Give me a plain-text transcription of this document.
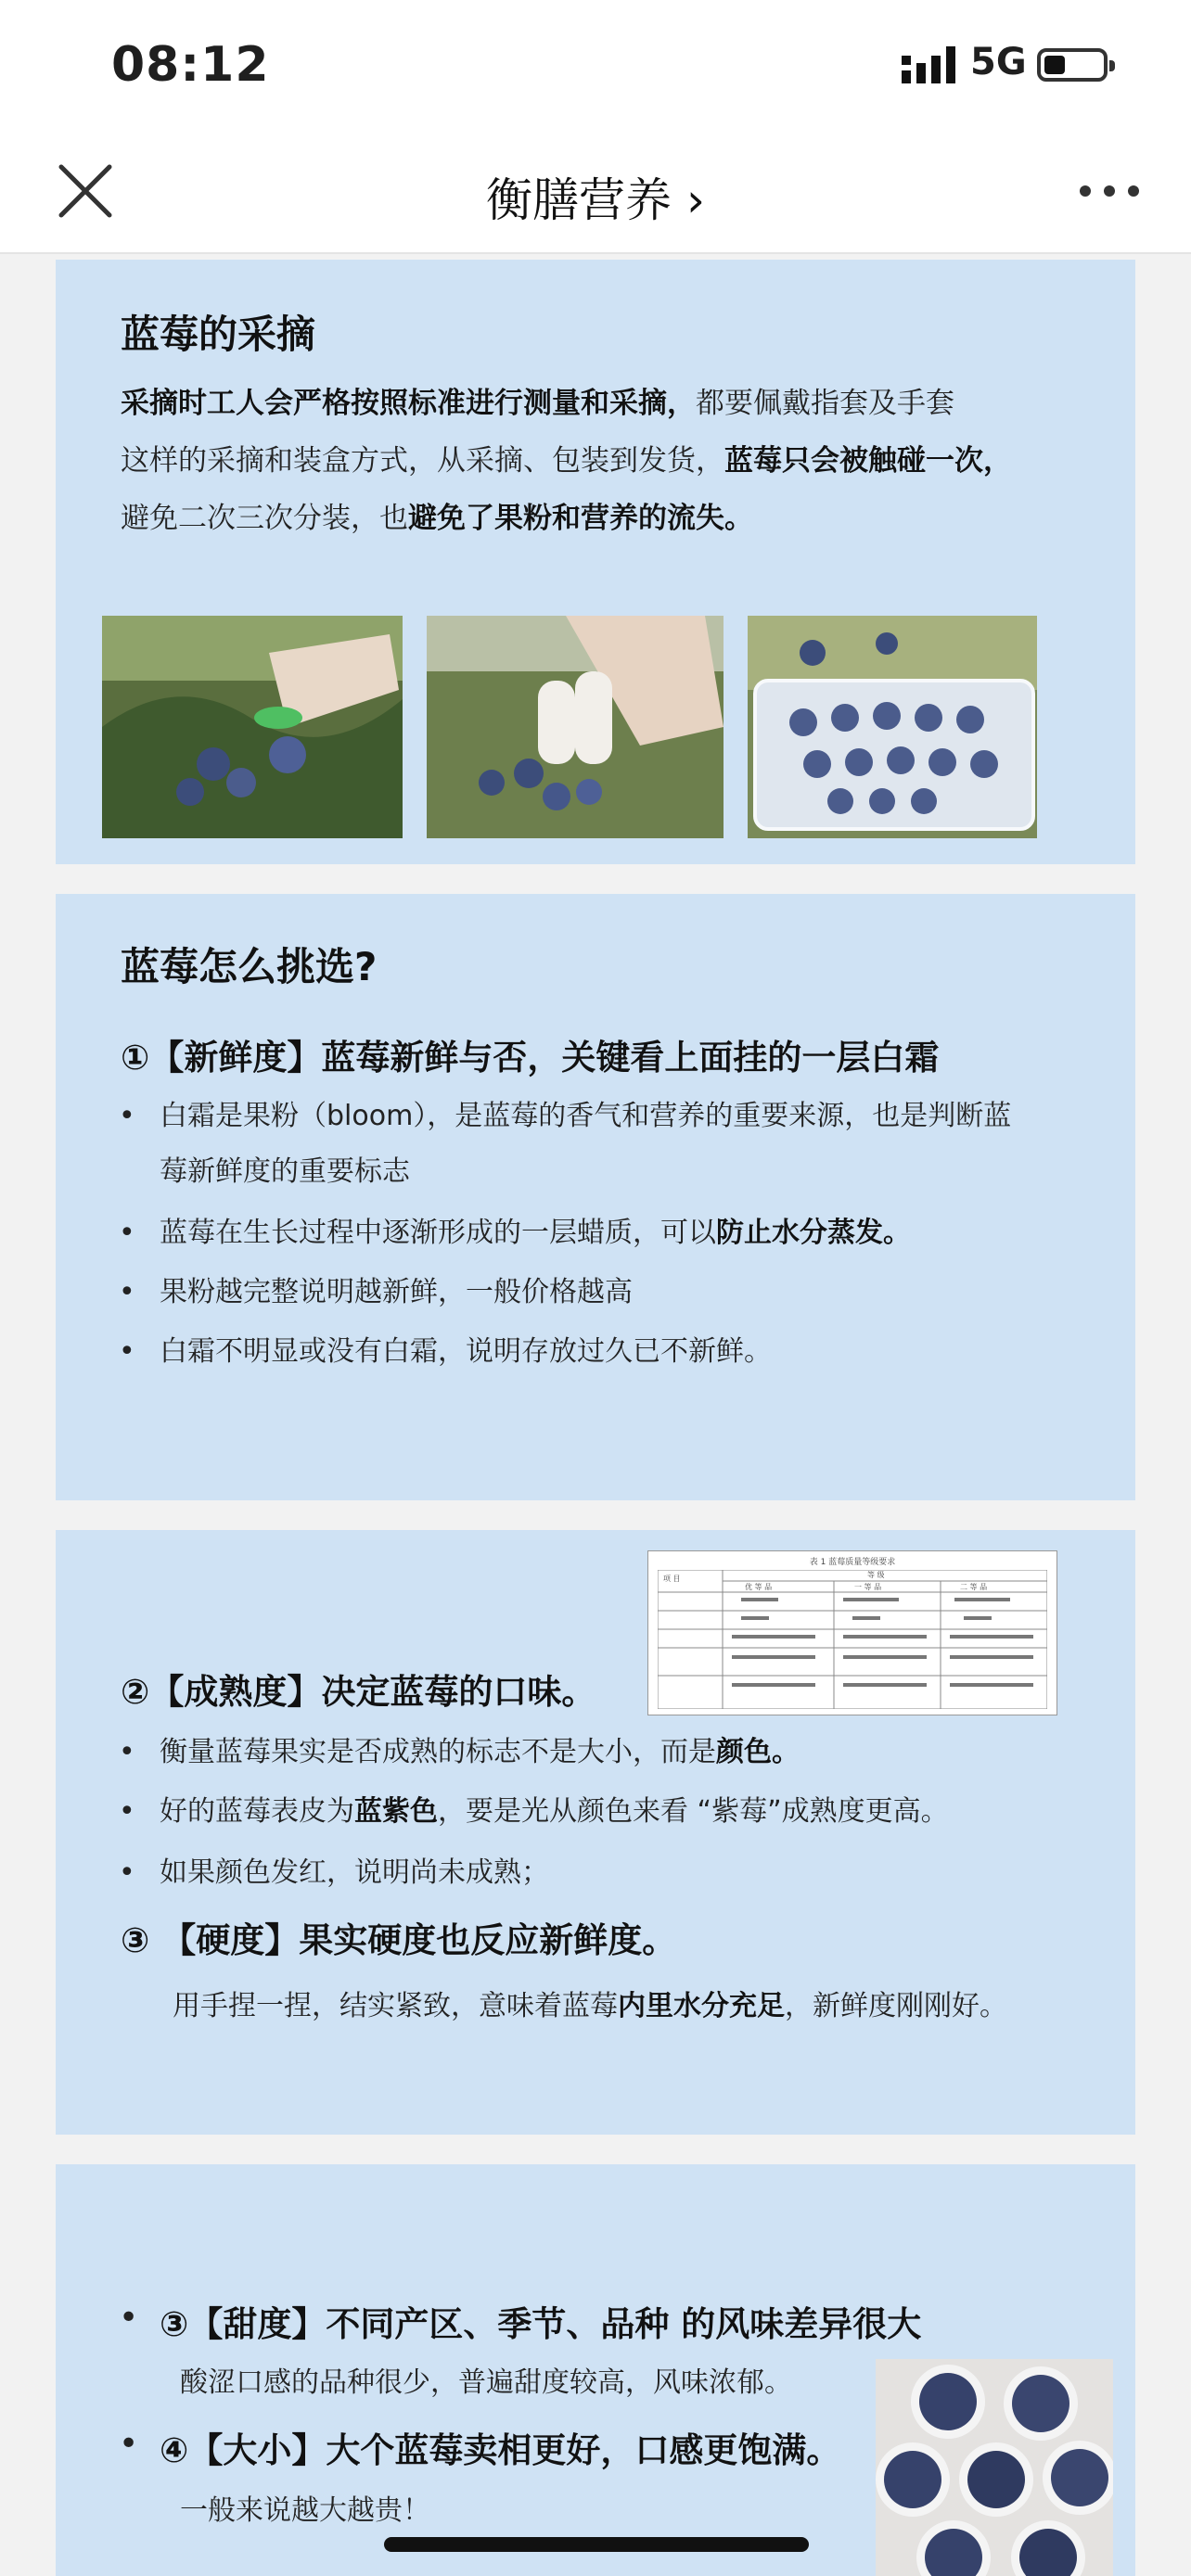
08:12	5G
衡膳营养 ›
蓝莓的采摘
采摘时工人会严格按照标准进行测量和采摘，都要佩戴指套及手套
这样的采摘和装盒方式，从采摘、包装到发货，蓝莓只会被触碰一次，
避免二次三次分装，也避免了果粉和营养的流失。
蓝莓怎么挑选?
①【新鲜度】蓝莓新鲜与否，关键看上面挂的一层白霜
• 白霜是果粉（bloom），是蓝莓的香气和营养的重要来源，也是判断蓝
莓新鲜度的重要标志
• 蓝莓在生长过程中逐渐形成的一层蜡质，可以防止水分蒸发。
• 果粉越完整说明越新鲜，一般价格越高
• 白霜不明显或没有白霜，说明存放过久已不新鲜。
表 1 蓝莓质量等级要求
项 目	等 级
优 等 品	一 等 品	二 等 品
②【成熟度】决定蓝莓的口味。
• 衡量蓝莓果实是否成熟的标志不是大小，而是颜色。
• 好的蓝莓表皮为蓝紫色，要是光从颜色来看 “紫莓”成熟度更高。
• 如果颜色发红，说明尚未成熟；
③ 【硬度】果实硬度也反应新鲜度。
用手捏一捏，结实紧致，意味着蓝莓内里水分充足，新鲜度刚刚好。
• ③【甜度】不同产区、季节、品种 的风味差异很大
酸涩口感的品种很少，普遍甜度较高，风味浓郁。
• ④【大小】大个蓝莓卖相更好，口感更饱满。
一般来说越大越贵！
